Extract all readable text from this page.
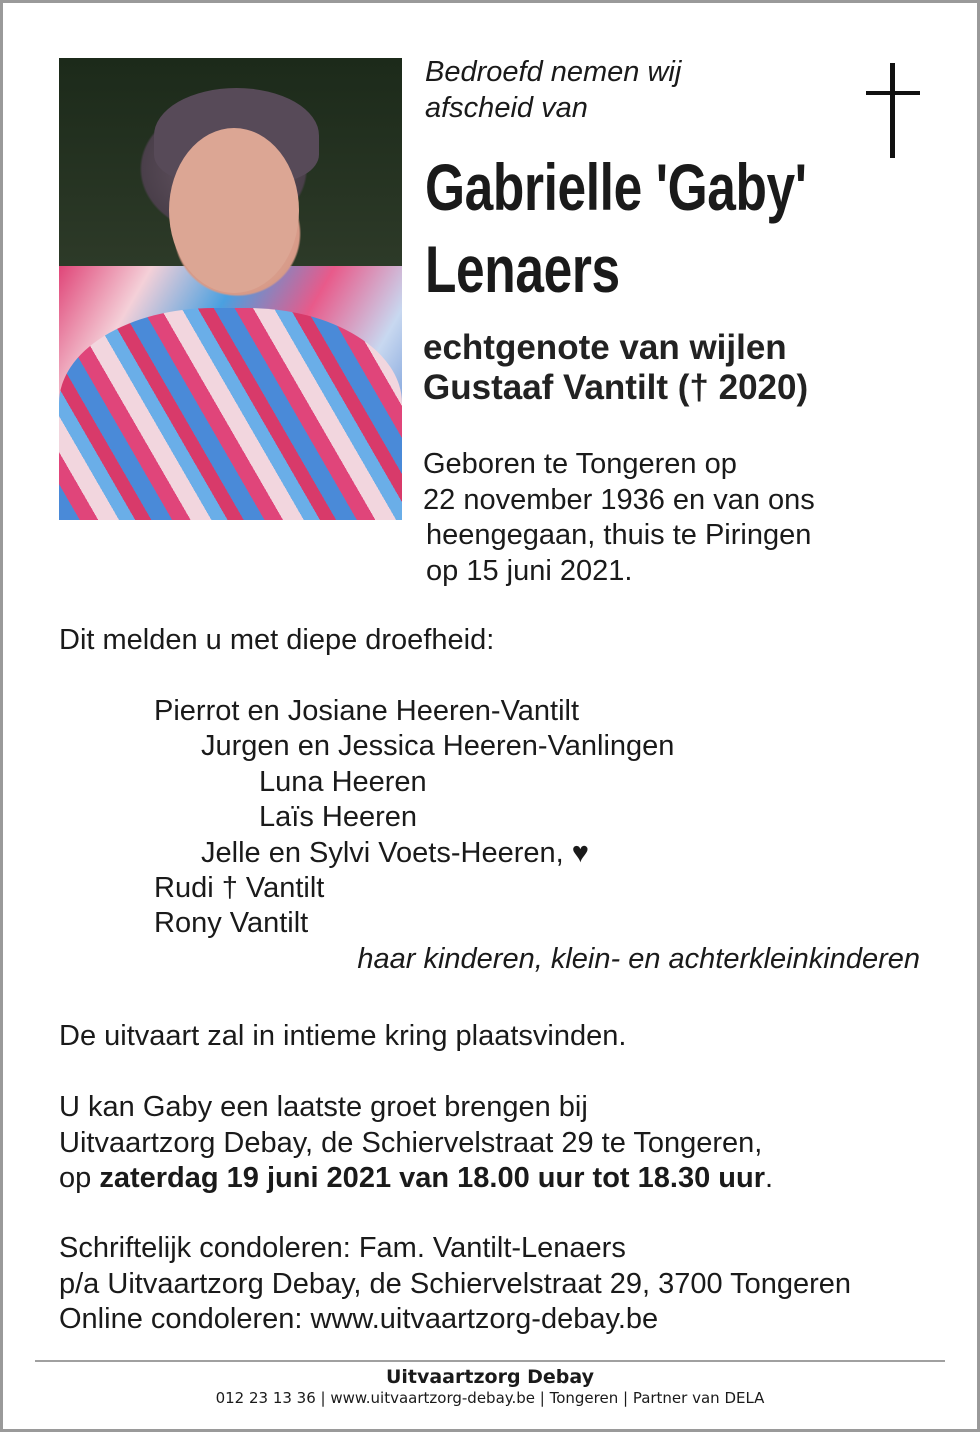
Bedroefd nemen wij
afscheid van
Gabrielle 'Gaby'
Lenaers
echtgenote van wijlen
Gustaaf Vantilt († 2020)
Geboren te Tongeren op
22 november 1936 en van ons
heengegaan, thuis te Piringen
op 15 juni 2021.
Dit melden u met diepe droefheid:
Pierrot en Josiane Heeren-Vantilt
Jurgen en Jessica Heeren-Vanlingen
Luna Heeren
Laïs Heeren
Jelle en Sylvi Voets-Heeren, ♥
Rudi † Vantilt
Rony Vantilt
haar kinderen, klein- en achterkleinkinderen
De uitvaart zal in intieme kring plaatsvinden.
U kan Gaby een laatste groet brengen bij
Uitvaartzorg Debay, de Schiervelstraat 29 te Tongeren,
op zaterdag 19 juni 2021 van 18.00 uur tot 18.30 uur.
Schriftelijk condoleren: Fam. Vantilt-Lenaers
p/a Uitvaartzorg Debay, de Schiervelstraat 29, 3700 Tongeren
Online condoleren: www.uitvaartzorg-debay.be
Uitvaartzorg Debay
012 23 13 36 | www.uitvaartzorg-debay.be | Tongeren | Partner van DELA
